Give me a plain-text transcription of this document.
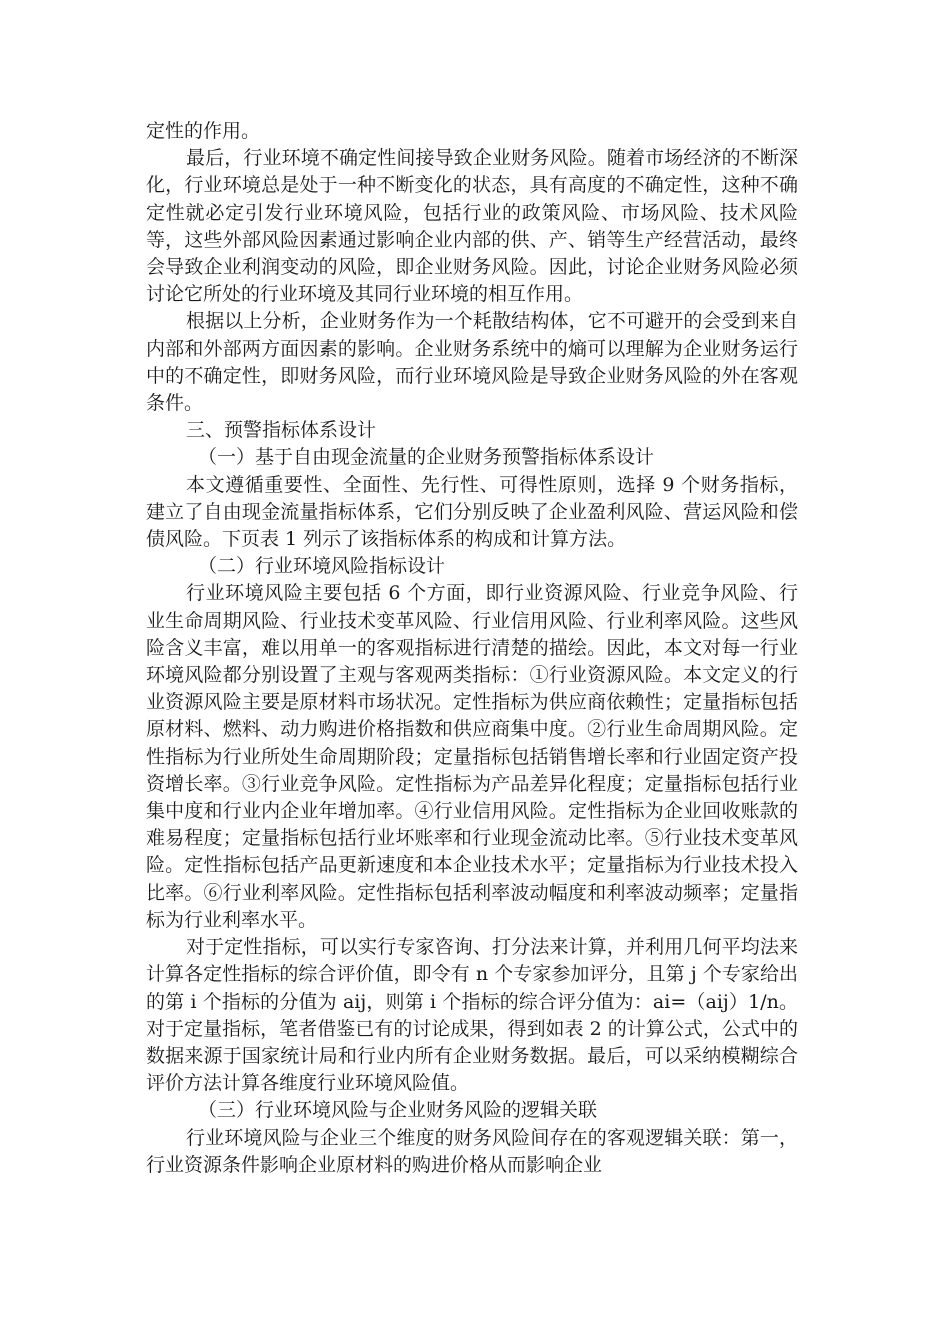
定性的作用。

最后，行业环境不确定性间接导致企业财务风险。随着市场经济的不断深化，行业环境总是处于一种不断变化的状态，具有高度的不确定性，这种不确定性就必定引发行业环境风险，包括行业的政策风险、市场风险、技术风险等，这些外部风险因素通过影响企业内部的供、产、销等生产经营活动，最终会导致企业利润变动的风险，即企业财务风险。因此，讨论企业财务风险必须讨论它所处的行业环境及其同行业环境的相互作用。

根据以上分析，企业财务作为一个耗散结构体，它不可避开的会受到来自内部和外部两方面因素的影响。企业财务系统中的熵可以理解为企业财务运行中的不确定性，即财务风险，而行业环境风险是导致企业财务风险的外在客观条件。

三、预警指标体系设计

（一）基于自由现金流量的企业财务预警指标体系设计

本文遵循重要性、全面性、先行性、可得性原则，选择 9 个财务指标，建立了自由现金流量指标体系，它们分别反映了企业盈利风险、营运风险和偿债风险。下页表 1 列示了该指标体系的构成和计算方法。

（二）行业环境风险指标设计

行业环境风险主要包括 6 个方面，即行业资源风险、行业竞争风险、行业生命周期风险、行业技术变革风险、行业信用风险、行业利率风险。这些风险含义丰富，难以用单一的客观指标进行清楚的描绘。因此，本文对每一行业环境风险都分别设置了主观与客观两类指标：①行业资源风险。本文定义的行业资源风险主要是原材料市场状况。定性指标为供应商依赖性；定量指标包括原材料、燃料、动力购进价格指数和供应商集中度。②行业生命周期风险。定性指标为行业所处生命周期阶段；定量指标包括销售增长率和行业固定资产投资增长率。③行业竞争风险。定性指标为产品差异化程度；定量指标包括行业集中度和行业内企业年增加率。④行业信用风险。定性指标为企业回收账款的难易程度；定量指标包括行业坏账率和行业现金流动比率。⑤行业技术变革风险。定性指标包括产品更新速度和本企业技术水平；定量指标为行业技术投入比率。⑥行业利率风险。定性指标包括利率波动幅度和利率波动频率；定量指标为行业利率水平。

对于定性指标，可以实行专家咨询、打分法来计算，并利用几何平均法来计算各定性指标的综合评价值，即令有 n 个专家参加评分，且第 j 个专家给出的第 i 个指标的分值为 aij，则第 i 个指标的综合评分值为：ai=（aij）1/n。对于定量指标，笔者借鉴已有的讨论成果，得到如表 2 的计算公式，公式中的数据来源于国家统计局和行业内所有企业财务数据。最后，可以采纳模糊综合评价方法计算各维度行业环境风险值。

（三）行业环境风险与企业财务风险的逻辑关联

行业环境风险与企业三个维度的财务风险间存在的客观逻辑关联：第一，行业资源条件影响企业原材料的购进价格从而影响企业
